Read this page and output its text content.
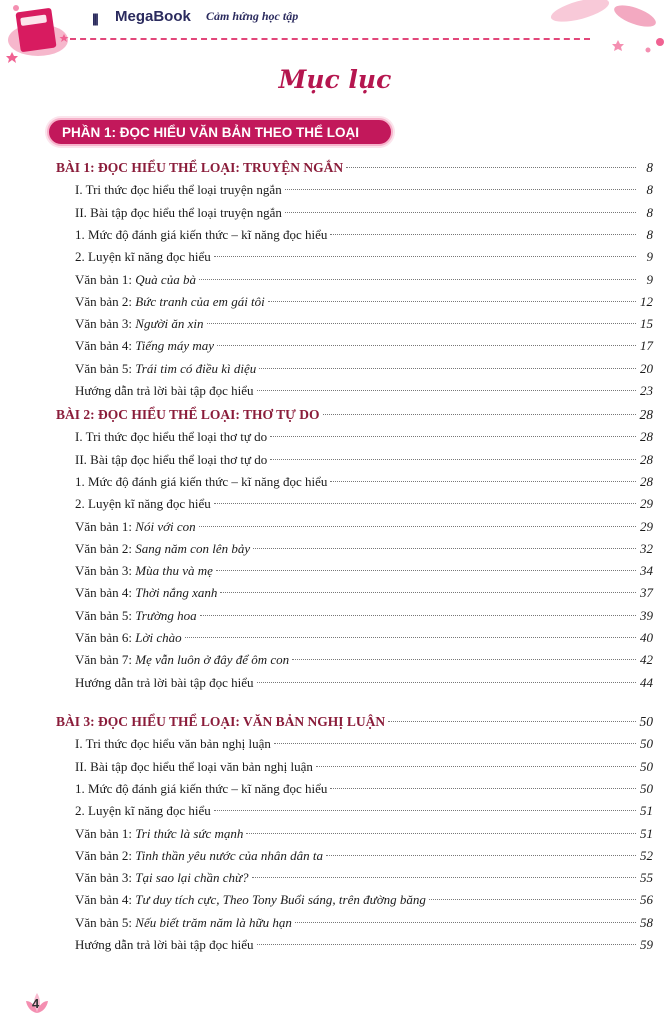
||| MegaBook Cảm hứng học tập
Mục lục
PHẦN 1: ĐỌC HIỂU VĂN BẢN THEO THỂ LOẠI
BÀI 1: ĐỌC HIỂU THỂ LOẠI: TRUYỆN NGẮN	8
I. Tri thức đọc hiểu thể loại truyện ngắn	8
II. Bài tập đọc hiểu thể loại truyện ngắn	8
1. Mức độ đánh giá kiến thức – kĩ năng đọc hiểu	8
2. Luyện kĩ năng đọc hiểu	9
Văn bản 1: Quà của bà	9
Văn bản 2: Bức tranh của em gái tôi	12
Văn bản 3: Người ăn xin	15
Văn bản 4: Tiếng máy may	17
Văn bản 5: Trái tim có điều kì diệu	20
Hướng dẫn trả lời bài tập đọc hiểu	23
BÀI 2: ĐỌC HIỂU THỂ LOẠI: THƠ TỰ DO	28
I. Tri thức đọc hiểu thể loại thơ tự do	28
II. Bài tập đọc hiểu thể loại thơ tự do	28
1. Mức độ đánh giá kiến thức – kĩ năng đọc hiểu	28
2. Luyện kĩ năng đọc hiểu	29
Văn bản 1: Nói với con	29
Văn bản 2: Sang năm con lên bảy	32
Văn bản 3: Mùa thu và mẹ	34
Văn bản 4: Thời nắng xanh	37
Văn bản 5: Trường hoa	39
Văn bản 6: Lời chào	40
Văn bản 7: Mẹ vẫn luôn ở đây để ôm con	42
Hướng dẫn trả lời bài tập đọc hiểu	44
BÀI 3: ĐỌC HIỂU THỂ LOẠI: VĂN BẢN NGHỊ LUẬN	50
I. Tri thức đọc hiểu văn bản nghị luận	50
II. Bài tập đọc hiểu thể loại văn bản nghị luận	50
1. Mức độ đánh giá kiến thức – kĩ năng đọc hiểu	50
2. Luyện kĩ năng đọc hiểu	51
Văn bản 1: Tri thức là sức mạnh	51
Văn bản 2: Tinh thần yêu nước của nhân dân ta	52
Văn bản 3: Tại sao lại chần chừ?	55
Văn bản 4: Tư duy tích cực, Theo Tony Buổi sáng, trên đường băng	56
Văn bản 5: Nếu biết trăm năm là hữu hạn	58
Hướng dẫn trả lời bài tập đọc hiểu	59
4
